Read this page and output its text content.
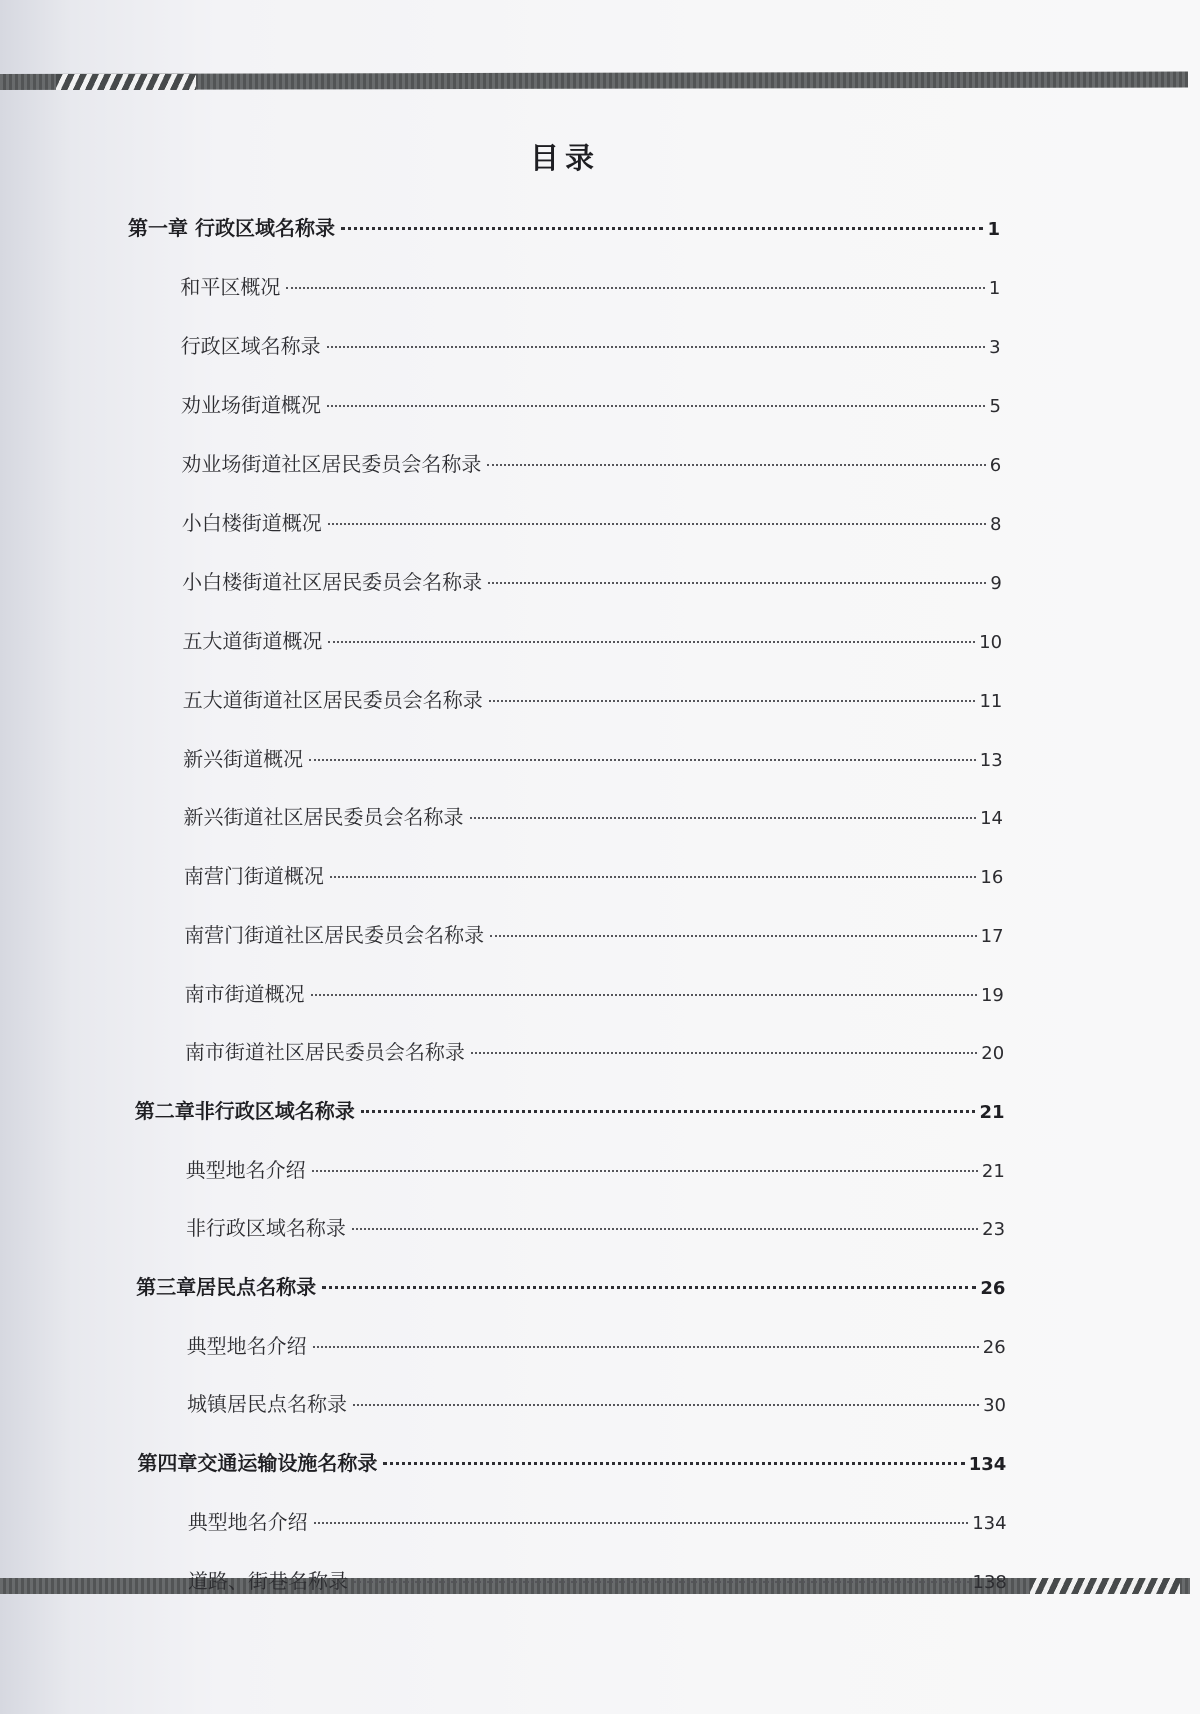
目录
第一章 行政区域名称录	1
和平区概况	1
行政区域名称录	3
劝业场街道概况	5
劝业场街道社区居民委员会名称录	6
小白楼街道概况	8
小白楼街道社区居民委员会名称录	9
五大道街道概况	10
五大道街道社区居民委员会名称录	11
新兴街道概况	13
新兴街道社区居民委员会名称录	14
南营门街道概况	16
南营门街道社区居民委员会名称录	17
南市街道概况	19
南市街道社区居民委员会名称录	20
第二章非行政区域名称录	21
典型地名介绍	21
非行政区域名称录	23
第三章居民点名称录	26
典型地名介绍	26
城镇居民点名称录	30
第四章交通运输设施名称录	134
典型地名介绍	134
道路、街巷名称录	138
